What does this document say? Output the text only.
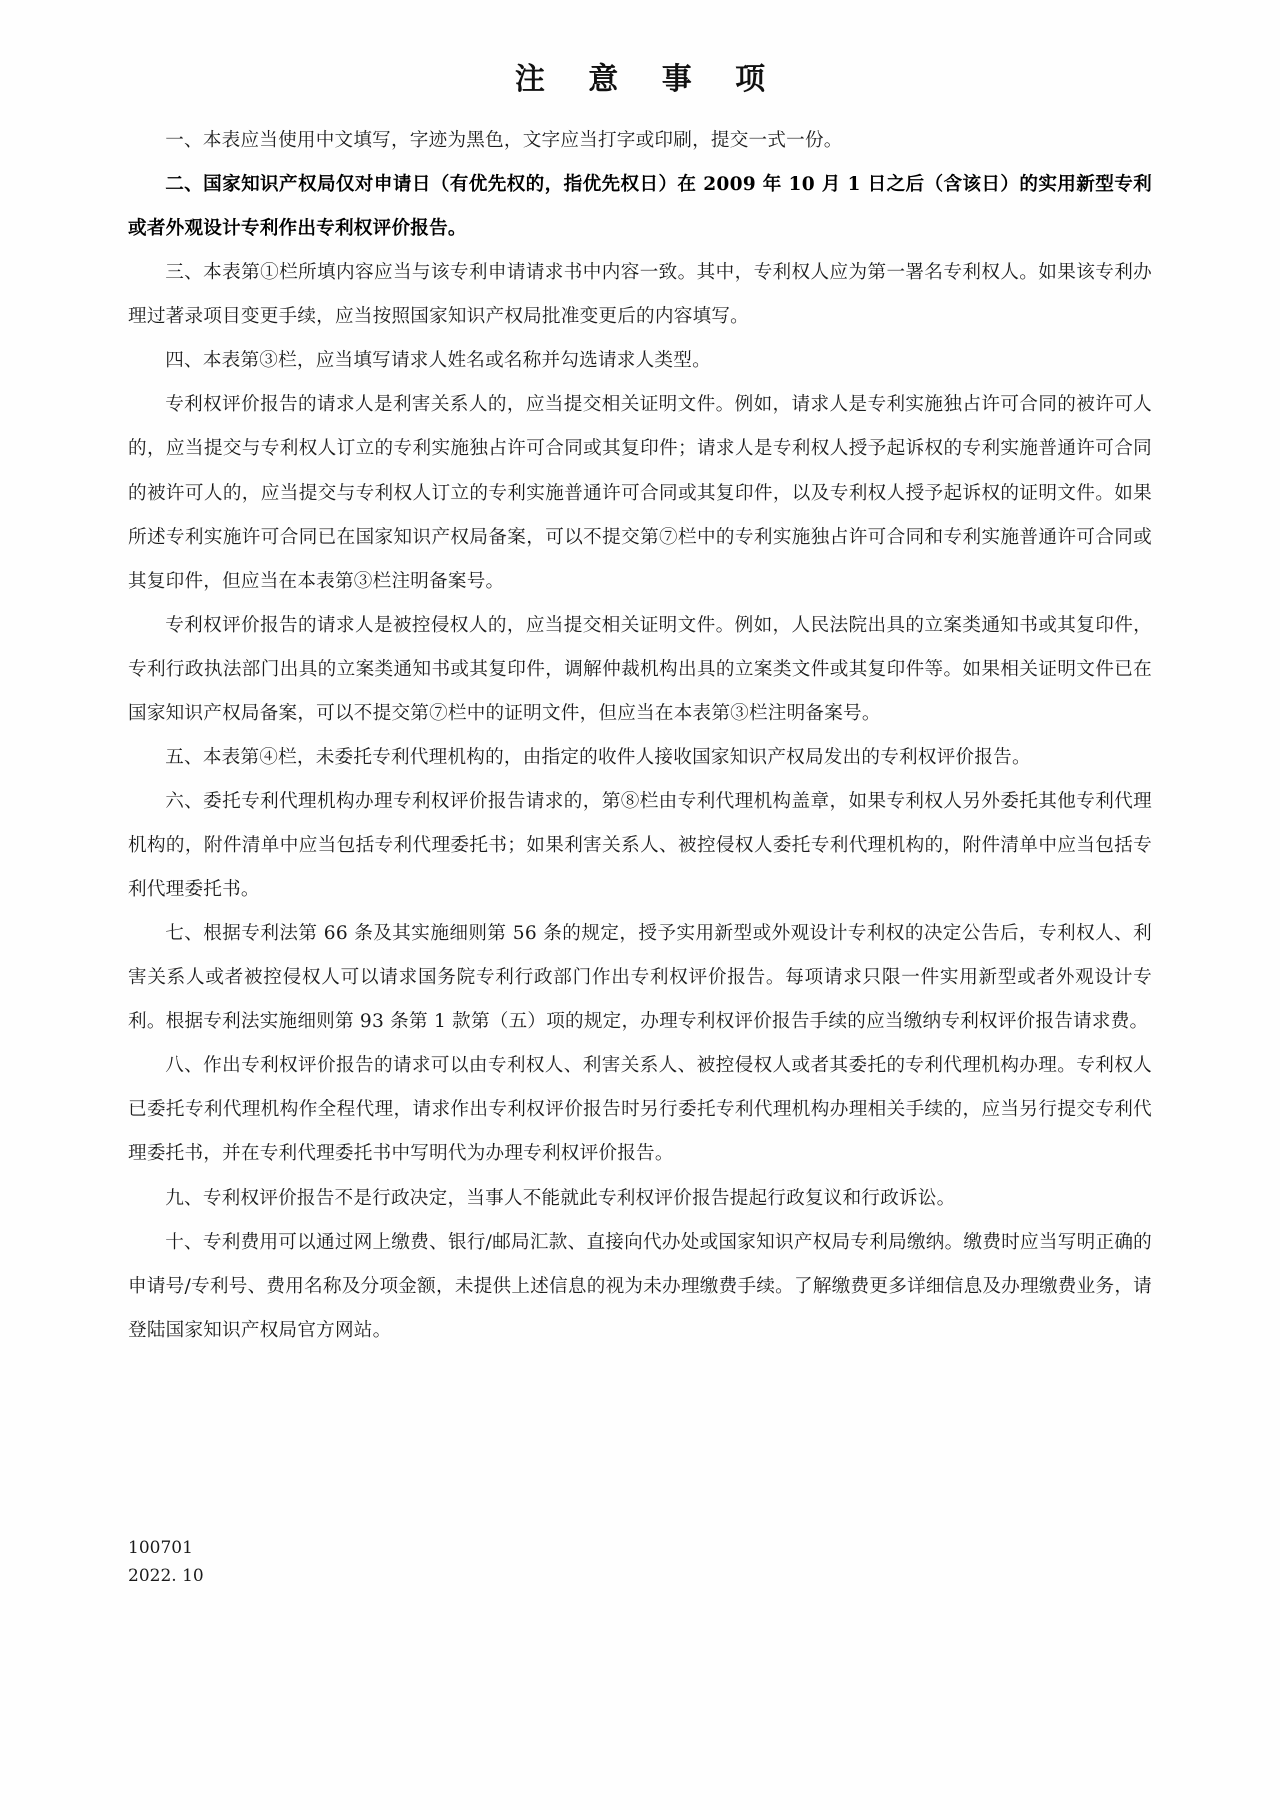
注 意 事 项

一、本表应当使用中文填写，字迹为黑色，文字应当打字或印刷，提交一式一份。

二、国家知识产权局仅对申请日（有优先权的，指优先权日）在 2009 年 10 月 1 日之后（含该日）的实用新型专利或者外观设计专利作出专利权评价报告。

三、本表第①栏所填内容应当与该专利申请请求书中内容一致。其中，专利权人应为第一署名专利权人。如果该专利办理过著录项目变更手续，应当按照国家知识产权局批准变更后的内容填写。

四、本表第③栏，应当填写请求人姓名或名称并勾选请求人类型。

专利权评价报告的请求人是利害关系人的，应当提交相关证明文件。例如，请求人是专利实施独占许可合同的被许可人的，应当提交与专利权人订立的专利实施独占许可合同或其复印件；请求人是专利权人授予起诉权的专利实施普通许可合同的被许可人的，应当提交与专利权人订立的专利实施普通许可合同或其复印件，以及专利权人授予起诉权的证明文件。如果所述专利实施许可合同已在国家知识产权局备案，可以不提交第⑦栏中的专利实施独占许可合同和专利实施普通许可合同或其复印件，但应当在本表第③栏注明备案号。

专利权评价报告的请求人是被控侵权人的，应当提交相关证明文件。例如，人民法院出具的立案类通知书或其复印件，专利行政执法部门出具的立案类通知书或其复印件，调解仲裁机构出具的立案类文件或其复印件等。如果相关证明文件已在国家知识产权局备案，可以不提交第⑦栏中的证明文件，但应当在本表第③栏注明备案号。

五、本表第④栏，未委托专利代理机构的，由指定的收件人接收国家知识产权局发出的专利权评价报告。

六、委托专利代理机构办理专利权评价报告请求的，第⑧栏由专利代理机构盖章，如果专利权人另外委托其他专利代理机构的，附件清单中应当包括专利代理委托书；如果利害关系人、被控侵权人委托专利代理机构的，附件清单中应当包括专利代理委托书。

七、根据专利法第 66 条及其实施细则第 56 条的规定，授予实用新型或外观设计专利权的决定公告后，专利权人、利害关系人或者被控侵权人可以请求国务院专利行政部门作出专利权评价报告。每项请求只限一件实用新型或者外观设计专利。根据专利法实施细则第 93 条第 1 款第（五）项的规定，办理专利权评价报告手续的应当缴纳专利权评价报告请求费。

八、作出专利权评价报告的请求可以由专利权人、利害关系人、被控侵权人或者其委托的专利代理机构办理。专利权人已委托专利代理机构作全程代理，请求作出专利权评价报告时另行委托专利代理机构办理相关手续的，应当另行提交专利代理委托书，并在专利代理委托书中写明代为办理专利权评价报告。

九、专利权评价报告不是行政决定，当事人不能就此专利权评价报告提起行政复议和行政诉讼。

十、专利费用可以通过网上缴费、银行/邮局汇款、直接向代办处或国家知识产权局专利局缴纳。缴费时应当写明正确的申请号/专利号、费用名称及分项金额，未提供上述信息的视为未办理缴费手续。了解缴费更多详细信息及办理缴费业务，请登陆国家知识产权局官方网站。

100701
2022. 10
